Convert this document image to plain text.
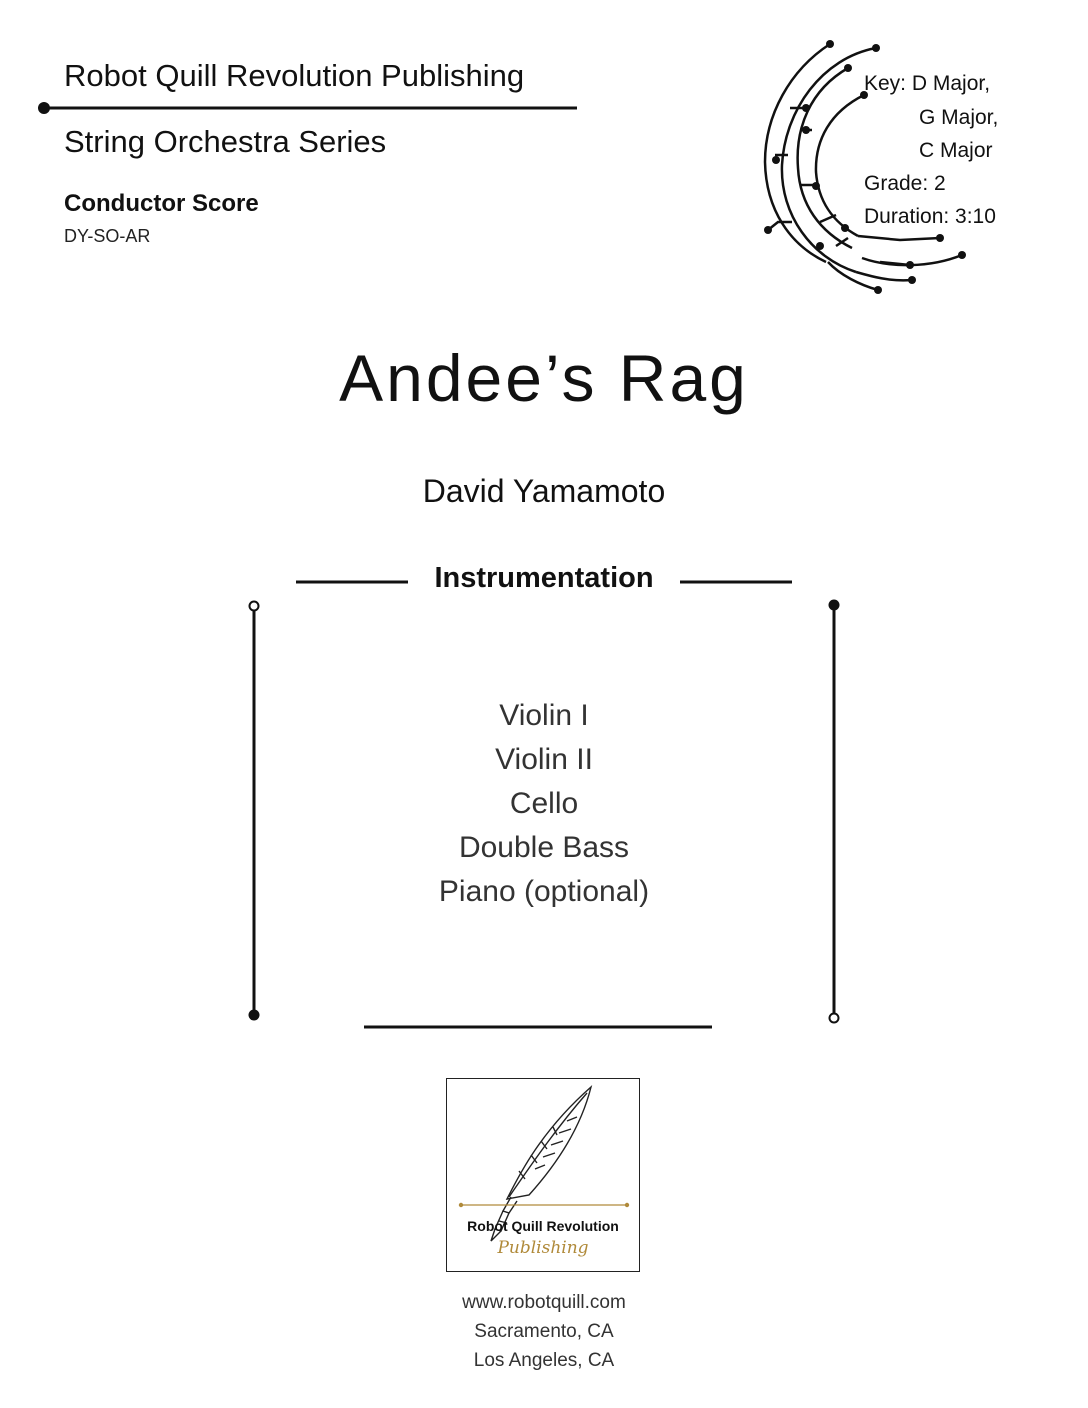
Robot Quill Revolution Publishing
String Orchestra Series
Conductor Score
DY-SO-AR
Key: D Major,
G Major,
C Major
Grade: 2
Duration: 3:10
Andee’s Rag
David Yamamoto
Instrumentation
Violin I
Violin II
Cello
Double Bass
Piano (optional)
Robot Quill Revolution
Publishing
www.robotquill.com
Sacramento, CA
Los Angeles, CA
